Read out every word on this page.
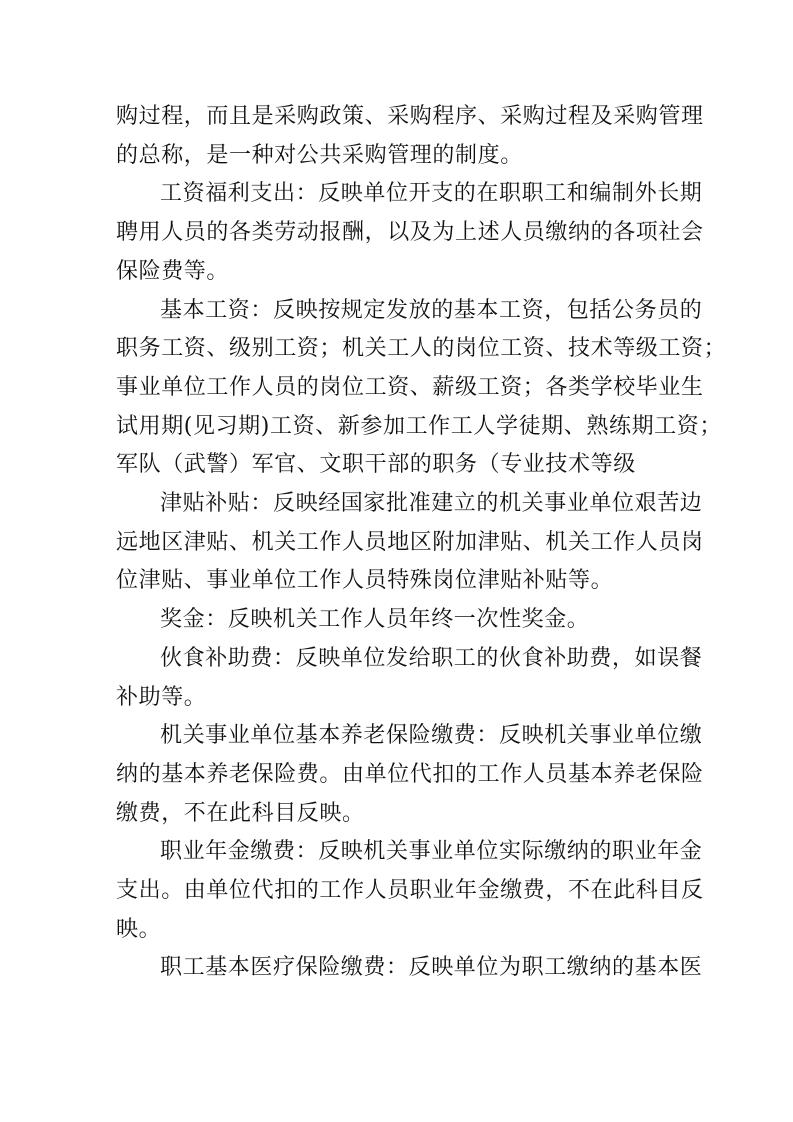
购过程，而且是采购政策、采购程序、采购过程及采购管理
的总称，是一种对公共采购管理的制度。

工资福利支出：反映单位开支的在职职工和编制外长期
聘用人员的各类劳动报酬，以及为上述人员缴纳的各项社会
保险费等。

基本工资：反映按规定发放的基本工资，包括公务员的
职务工资、级别工资；机关工人的岗位工资、技术等级工资；
事业单位工作人员的岗位工资、薪级工资；各类学校毕业生
试用期(见习期)工资、新参加工作工人学徒期、熟练期工资；
军队（武警）军官、文职干部的职务（专业技术等级

津贴补贴：反映经国家批准建立的机关事业单位艰苦边
远地区津贴、机关工作人员地区附加津贴、机关工作人员岗
位津贴、事业单位工作人员特殊岗位津贴补贴等。

奖金：反映机关工作人员年终一次性奖金。

伙食补助费：反映单位发给职工的伙食补助费，如误餐
补助等。

机关事业单位基本养老保险缴费：反映机关事业单位缴
纳的基本养老保险费。由单位代扣的工作人员基本养老保险
缴费，不在此科目反映。

职业年金缴费：反映机关事业单位实际缴纳的职业年金
支出。由单位代扣的工作人员职业年金缴费，不在此科目反
映。

职工基本医疗保险缴费：反映单位为职工缴纳的基本医
